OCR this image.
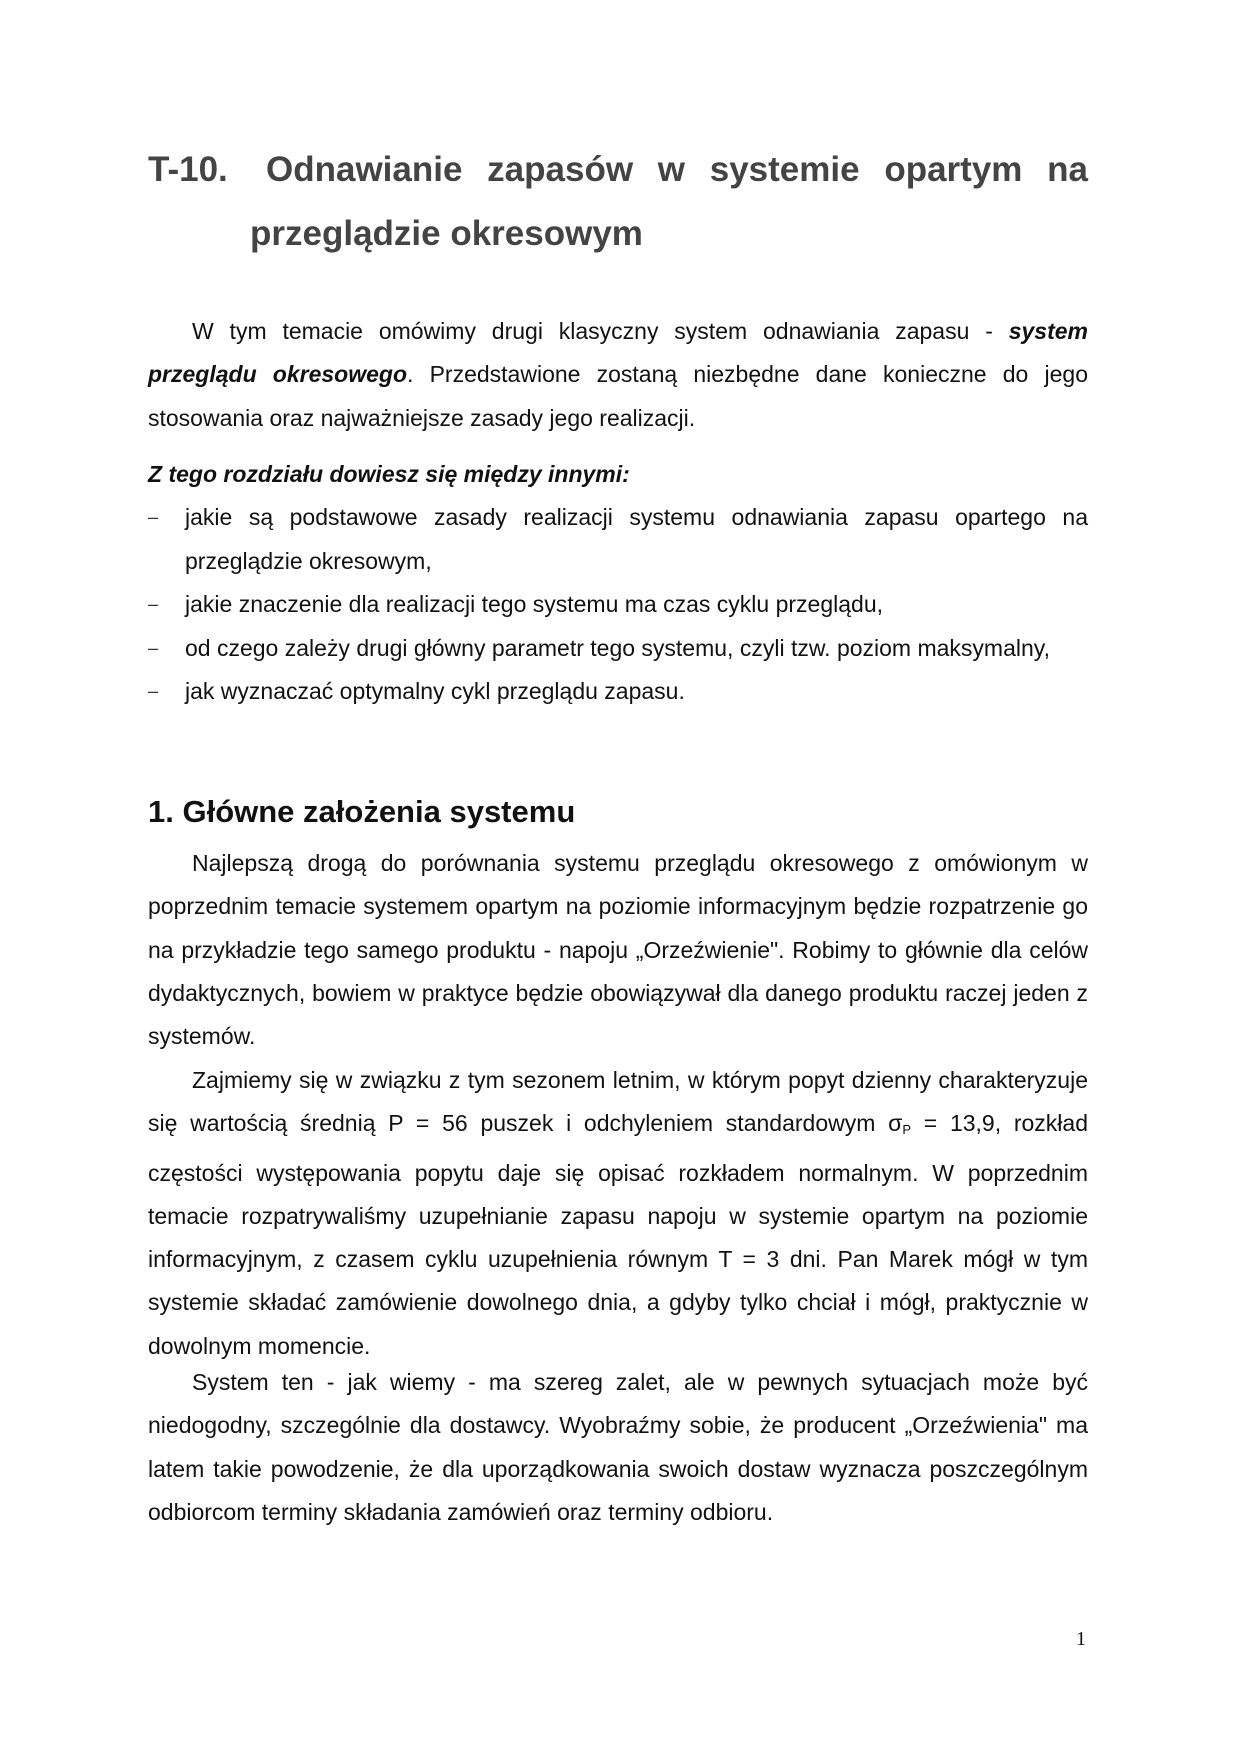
T-10.	Odnawianie zapasów w systemie opartym na
przeglądzie okresowym

W tym temacie omówimy drugi klasyczny system odnawiania zapasu - system przeglądu okresowego. Przedstawione zostaną niezbędne dane konieczne do jego stosowania oraz najważniejsze zasady jego realizacji.

Z tego rozdziału dowiesz się między innymi:
– jakie są podstawowe zasady realizacji systemu odnawiania zapasu opartego na przeglądzie okresowym,
– jakie znaczenie dla realizacji tego systemu ma czas cyklu przeglądu,
– od czego zależy drugi główny parametr tego systemu, czyli tzw. poziom maksymalny,
– jak wyznaczać optymalny cykl przeglądu zapasu.
1. Główne założenia systemu

Najlepszą drogą do porównania systemu przeglądu okresowego z omówionym w poprzednim temacie systemem opartym na poziomie informacyjnym będzie rozpatrzenie go na przykładzie tego samego produktu - napoju „Orzeźwienie". Robimy to głównie dla celów dydaktycznych, bowiem w praktyce będzie obowiązywał dla danego produktu raczej jeden z systemów.

Zajmiemy się w związku z tym sezonem letnim, w którym popyt dzienny charakteryzuje się wartością średnią P = 56 puszek i odchyleniem standardowym σP = 13,9, rozkład częstości występowania popytu daje się opisać rozkładem normalnym. W poprzednim temacie rozpatrywaliśmy uzupełnianie zapasu napoju w systemie opartym na poziomie informacyjnym, z czasem cyklu uzupełnienia równym T = 3 dni. Pan Marek mógł w tym systemie składać zamówienie dowolnego dnia, a gdyby tylko chciał i mógł, praktycznie w dowolnym momencie.

System ten - jak wiemy - ma szereg zalet, ale w pewnych sytuacjach może być niedogodny, szczególnie dla dostawcy. Wyobraźmy sobie, że producent „Orzeźwienia" ma latem takie powodzenie, że dla uporządkowania swoich dostaw wyznacza poszczególnym odbiorcom terminy składania zamówień oraz terminy odbioru.

1
